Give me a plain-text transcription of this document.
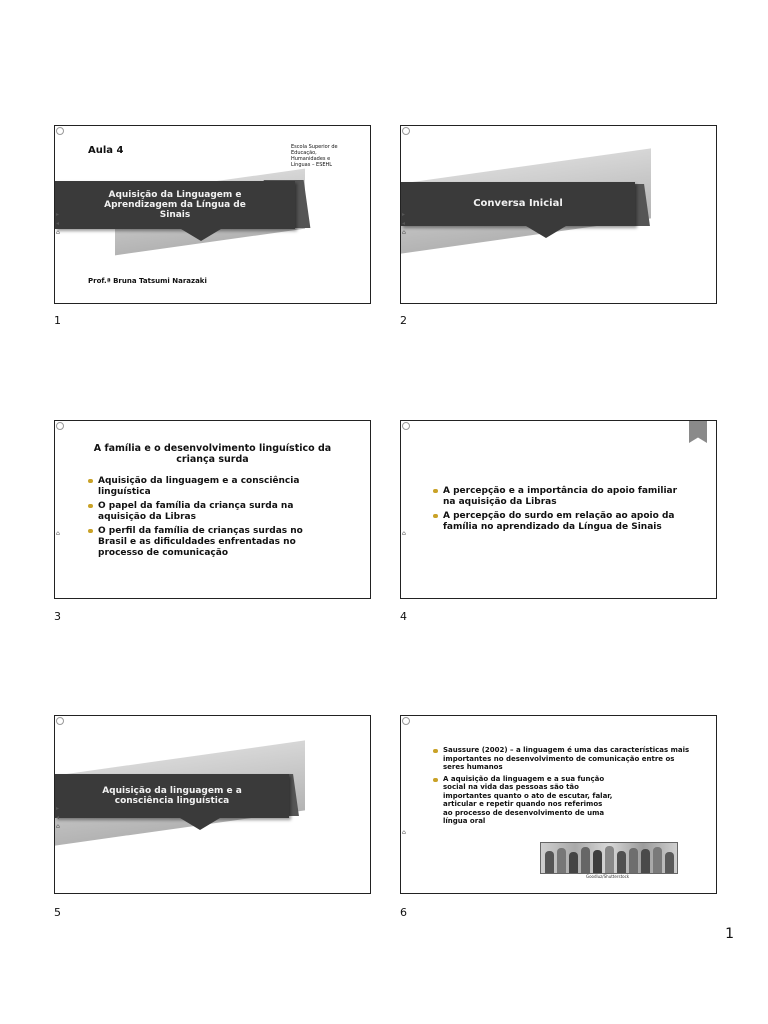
Aula 4	Escola Superior de Educação, Humanidades e Línguas – ESEHL
Aquisição da Linguagem e Aprendizagem da Língua de Sinais
▸
◂
⌂
Prof.ª Bruna Tatsumi Narazaki
1
Conversa Inicial
▸
◂
⌂
2
A família e o desenvolvimento linguístico da criança surda
Aquisição da linguagem e a consciência linguística
O papel da família da criança surda na aquisição da Libras
O perfil da família de crianças surdas no Brasil e as dificuldades enfrentadas no processo de comunicação
⌂
3
A percepção e a importância do apoio familiar na aquisição da Libras
A percepção do surdo em relação ao apoio da família no aprendizado da Língua de Sinais
⌂
4
Aquisição da linguagem e a consciência linguística
▸
◂
⌂
5
Saussure (2002) – a linguagem é uma das características mais importantes no desenvolvimento de comunicação entre os seres humanos
A aquisição da linguagem e a sua função social na vida das pessoas são tão importantes quanto o ato de escutar, falar, articular e repetir quando nos referimos ao processo de desenvolvimento de uma língua oral
Goodluz/Shutterstock
⌂
6
1
